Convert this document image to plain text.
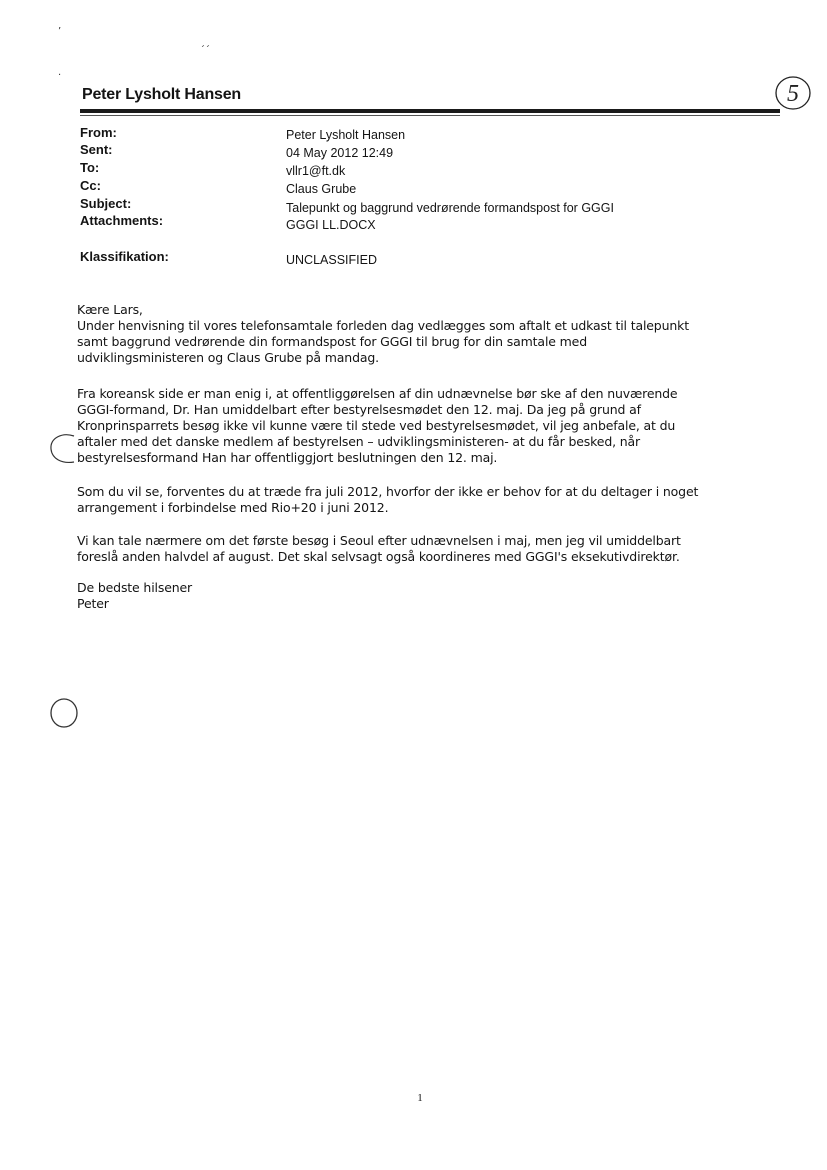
’
´´
·
Peter Lysholt Hansen	5
From:	Peter Lysholt Hansen
Sent:	04 May 2012 12:49
To:	vllr1@ft.dk
Cc:	Claus Grube
Subject:	Talepunkt og baggrund vedrørende formandspost for GGGI
Attachments:	GGGI LL.DOCX
Klassifikation:	UNCLASSIFIED

Kære Lars,

Under henvisning til vores telefonsamtale forleden dag vedlægges som aftalt et udkast til talepunkt

samt baggrund vedrørende din formandspost for GGGI til brug for din samtale med

udviklingsministeren og Claus Grube på mandag.

Fra koreansk side er man enig i, at offentliggørelsen af din udnævnelse bør ske af den nuværende

GGGI-formand, Dr. Han umiddelbart efter bestyrelsesmødet den 12. maj. Da jeg på grund af

Kronprinsparrets besøg ikke vil kunne være til stede ved bestyrelsesmødet, vil jeg anbefale, at du

aftaler med det danske medlem af bestyrelsen – udviklingsministeren- at du får besked, når

bestyrelsesformand Han har offentliggjort beslutningen den 12. maj.

Som du vil se, forventes du at træde fra juli 2012, hvorfor der ikke er behov for at du deltager i noget

arrangement i forbindelse med Rio+20 i juni 2012.

Vi kan tale nærmere om det første besøg i Seoul efter udnævnelsen i maj, men jeg vil umiddelbart

foreslå anden halvdel af august. Det skal selvsagt også koordineres med GGGI's eksekutivdirektør.

De bedste hilsener

Peter

1
